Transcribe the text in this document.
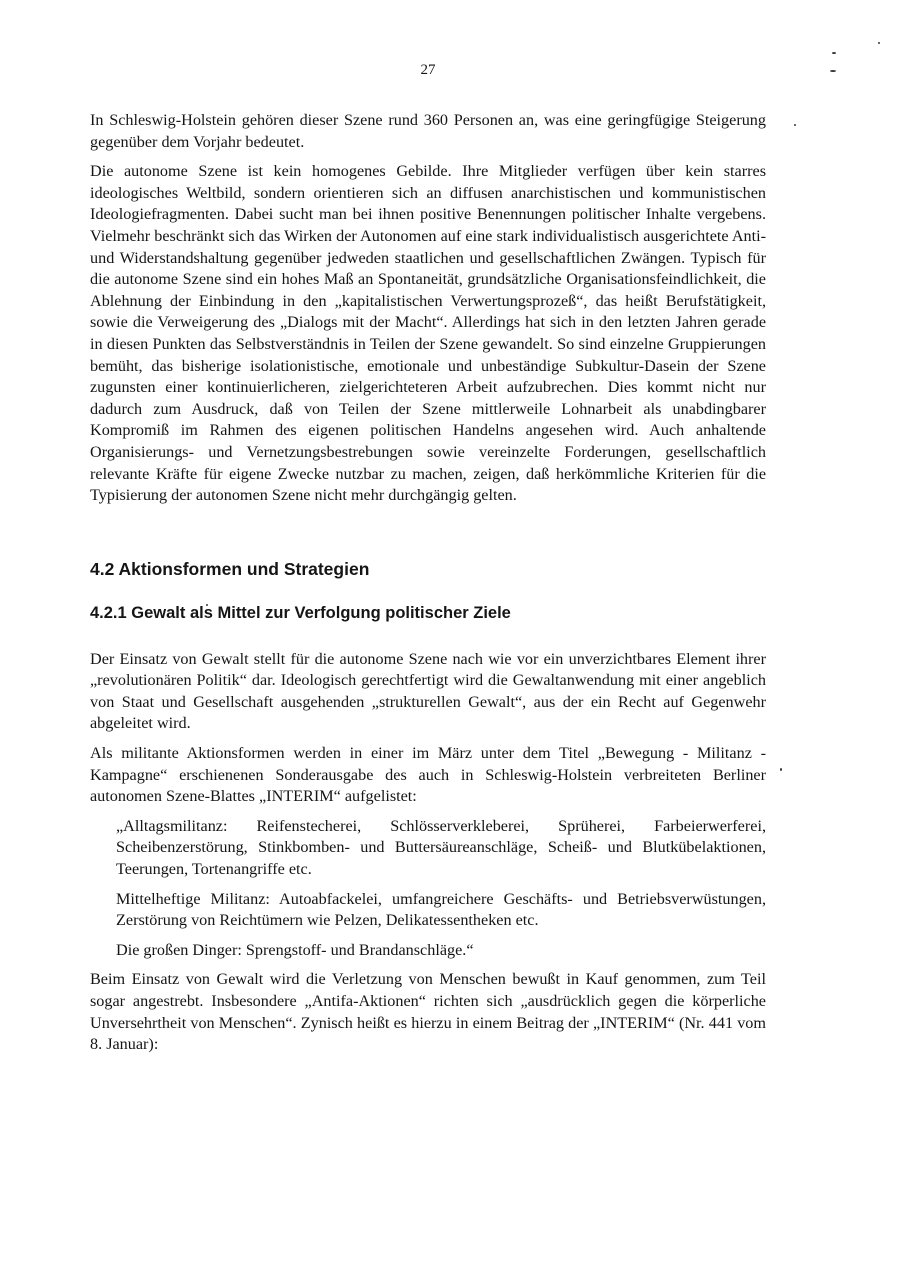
27

In Schleswig-Holstein gehören dieser Szene rund 360 Personen an, was eine geringfügige Steigerung gegenüber dem Vorjahr bedeutet.

Die autonome Szene ist kein homogenes Gebilde. Ihre Mitglieder verfügen über kein starres ideologisches Weltbild, sondern orientieren sich an diffusen anarchistischen und kommunistischen Ideologiefragmenten. Dabei sucht man bei ihnen positive Benennungen politischer Inhalte vergebens. Vielmehr beschränkt sich das Wirken der Autonomen auf eine stark individualistisch ausgerichtete Anti- und Widerstandshaltung gegenüber jedweden staatlichen und gesellschaftlichen Zwängen. Typisch für die autonome Szene sind ein hohes Maß an Spontaneität, grundsätzliche Organisationsfeindlichkeit, die Ablehnung der Einbindung in den „kapitalistischen Verwertungsprozeß“, das heißt Berufstätigkeit, sowie die Verweigerung des „Dialogs mit der Macht“. Allerdings hat sich in den letzten Jahren gerade in diesen Punkten das Selbstverständnis in Teilen der Szene gewandelt. So sind einzelne Gruppierungen bemüht, das bisherige isolationistische, emotionale und unbeständige Subkultur-Dasein der Szene zugunsten einer kontinuierlicheren, zielgerichteteren Arbeit aufzubrechen. Dies kommt nicht nur dadurch zum Ausdruck, daß von Teilen der Szene mittlerweile Lohnarbeit als unabdingbarer Kompromiß im Rahmen des eigenen politischen Handelns angesehen wird. Auch anhaltende Organisierungs- und Vernetzungsbestrebungen sowie vereinzelte Forderungen, gesellschaftlich relevante Kräfte für eigene Zwecke nutzbar zu machen, zeigen, daß herkömmliche Kriterien für die Typisierung der autonomen Szene nicht mehr durchgängig gelten.

4.2 Aktionsformen und Strategien
4.2.1 Gewalt als Mittel zur Verfolgung politischer Ziele

Der Einsatz von Gewalt stellt für die autonome Szene nach wie vor ein unverzichtbares Element ihrer „revolutionären Politik“ dar. Ideologisch gerechtfertigt wird die Gewaltanwendung mit einer angeblich von Staat und Gesellschaft ausgehenden „strukturellen Gewalt“, aus der ein Recht auf Gegenwehr abgeleitet wird.

Als militante Aktionsformen werden in einer im März unter dem Titel „Bewegung - Militanz - Kampagne“ erschienenen Sonderausgabe des auch in Schleswig-Holstein verbreiteten Berliner autonomen Szene-Blattes „INTERIM“ aufgelistet:

„Alltagsmilitanz: Reifenstecherei, Schlösserverkleberei, Sprüherei, Farbeierwerferei, Scheibenzerstörung, Stinkbomben- und Buttersäureanschläge, Scheiß- und Blutkübelaktionen, Teerungen, Tortenangriffe etc.

Mittelheftige Militanz: Autoabfackelei, umfangreichere Geschäfts- und Betriebsverwüstungen, Zerstörung von Reichtümern wie Pelzen, Delikatessentheken etc.

Die großen Dinger: Sprengstoff- und Brandanschläge.“

Beim Einsatz von Gewalt wird die Verletzung von Menschen bewußt in Kauf genommen, zum Teil sogar angestrebt. Insbesondere „Antifa-Aktionen“ richten sich „ausdrücklich gegen die körperliche Unversehrtheit von Menschen“. Zynisch heißt es hierzu in einem Beitrag der „INTERIM“ (Nr. 441 vom 8. Januar):
